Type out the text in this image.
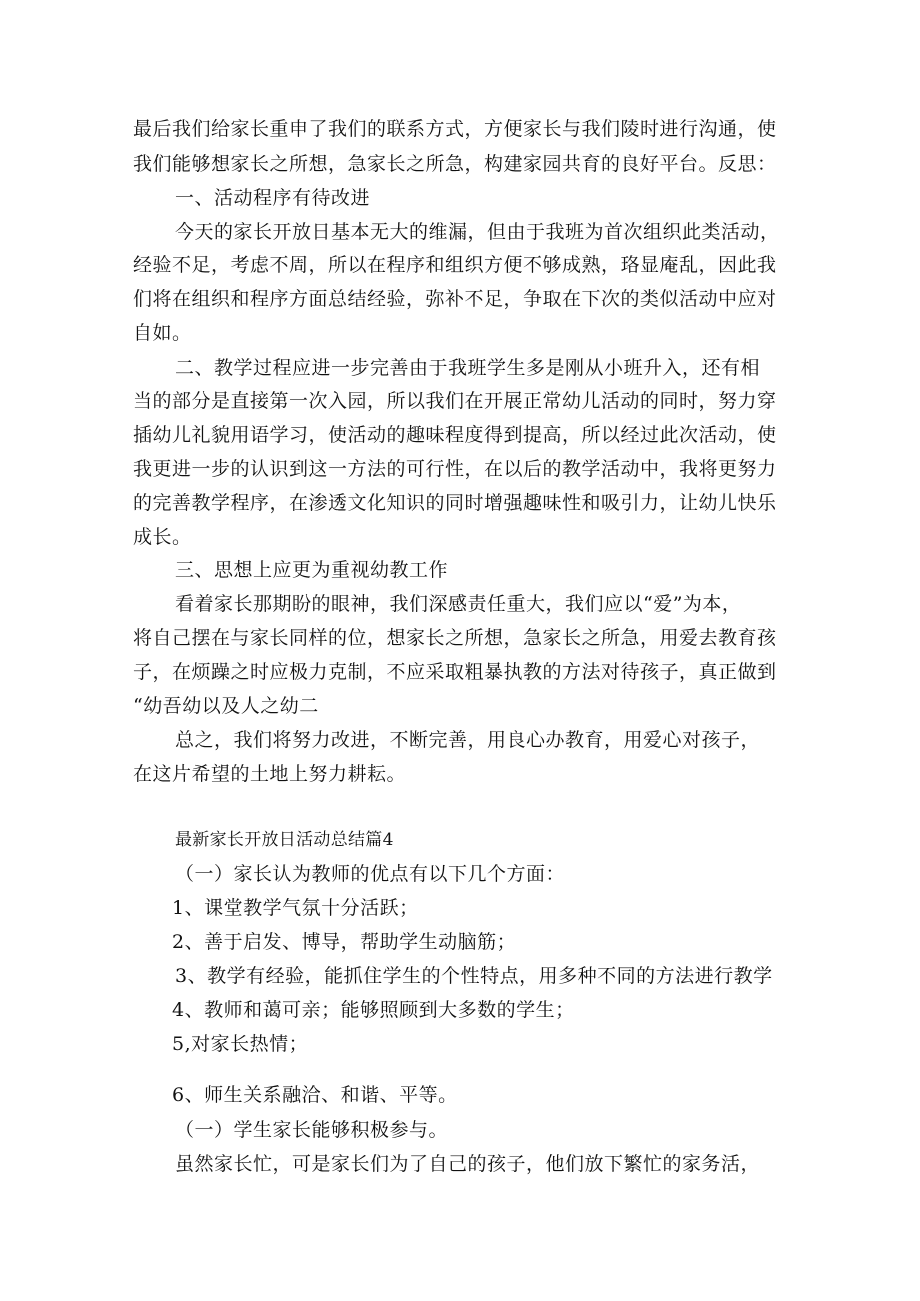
最后我们给家长重申了我们的联系方式，方便家长与我们陵时进行沟通，使
我们能够想家长之所想，急家长之所急，构建家园共育的良好平台。反思：
一、活动程序有待改进
今天的家长开放日基本无大的维漏，但由于我班为首次组织此类活动，
经验不足，考虑不周，所以在程序和组织方便不够成熟，珞显庵乱，因此我
们将在组织和程序方面总结经验，弥补不足，争取在下次的类似活动中应对
自如。
二、教学过程应进一步完善由于我班学生多是刚从小班升入，还有相
当的部分是直接第一次入园，所以我们在开展正常幼儿活动的同时，努力穿
插幼儿礼貌用语学习，使活动的趣味程度得到提高，所以经过此次活动，使
我更进一步的认识到这一方法的可行性，在以后的教学活动中，我将更努力
的完善教学程序，在渗透文化知识的同时增强趣味性和吸引力，让幼儿快乐
成长。
三、思想上应更为重视幼教工作
看着家长那期盼的眼神，我们深感责任重大，我们应以“爱”为本，
将自己摆在与家长同样的位，想家长之所想，急家长之所急，用爱去教育孩
子，在烦躁之时应极力克制，不应采取粗暴执教的方法对待孩子，真正做到
“幼吾幼以及人之幼二
总之，我们将努力改进，不断完善，用良心办教育，用爱心对孩子，
在这片希望的土地上努力耕耘。
最新家长开放日活动总结篇4
（一）家长认为教师的优点有以下几个方面：
1、课堂教学气氛十分活跃；
2、善于启发、博导，帮助学生动脑筋；
3、教学有经验，能抓住学生的个性特点，用多种不同的方法进行教学
4、教师和蔼可亲；能够照顾到大多数的学生；
5,对家长热情；
6、师生关系融洽、和谐、平等。
（一）学生家长能够积极参与。
虽然家长忙，可是家长们为了自己的孩子，他们放下繁忙的家务活，
